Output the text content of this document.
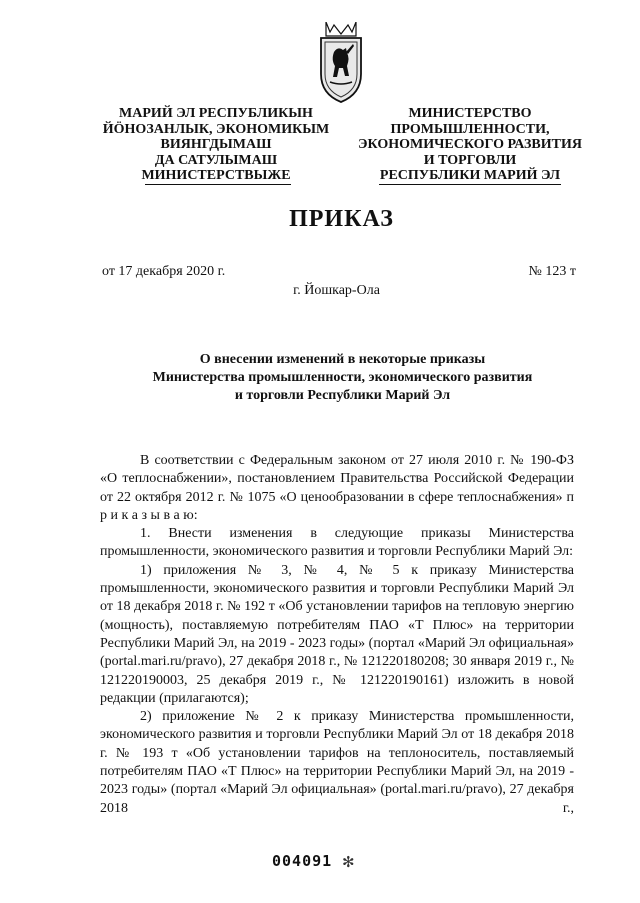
МАРИЙ ЭЛ РЕСПУБЛИКЫН
ЙӦНОЗАНЛЫК, ЭКОНОМИКЫМ
ВИЯНГДЫМАШ
ДА САТУЛЫМАШ
МИНИСТЕРСТВЫЖЕ
МИНИСТЕРСТВО
ПРОМЫШЛЕННОСТИ,
ЭКОНОМИЧЕСКОГО РАЗВИТИЯ
И ТОРГОВЛИ
РЕСПУБЛИКИ МАРИЙ ЭЛ
ПРИКАЗ
от 17 декабря 2020 г.	№ 123 т
г. Йошкар-Ола
О внесении изменений в некоторые приказы
Министерства промышленности, экономического развития
и торговли Республики Марий Эл

В соответствии с Федеральным законом от 27 июля 2010 г. № 190-ФЗ «О теплоснабжении», постановлением Правительства Российской Федерации от 22 октября 2012 г. № 1075 «О ценообразовании в сфере теплоснабжения» п р и к а з ы в а ю:

1. Внести изменения в следующие приказы Министерства промышленности, экономического развития и торговли Республики Марий Эл:

1) приложения № 3, № 4, № 5 к приказу Министерства промышленности, экономического развития и торговли Республики Марий Эл от 18 декабря 2018 г. № 192 т «Об установлении тарифов на тепловую энергию (мощность), поставляемую потребителям ПАО «Т Плюс» на территории Республики Марий Эл, на 2019 - 2023 годы» (портал «Марий Эл официальная» (portal.mari.ru/pravo), 27 декабря 2018 г., № 121220180208; 30 января 2019 г., № 121220190003, 25 декабря 2019 г., № 121220190161) изложить в новой редакции (прилагаются);

2) приложение № 2 к приказу Министерства промышленности, экономического развития и торговли Республики Марий Эл от 18 декабря 2018 г. № 193 т «Об установлении тарифов на теплоноситель, поставляемый потребителям ПАО «Т Плюс» на территории Республики Марий Эл, на 2019 - 2023 годы» (портал «Марий Эл официальная» (portal.mari.ru/pravo), 27 декабря 2018 г.,

004091 ✻
